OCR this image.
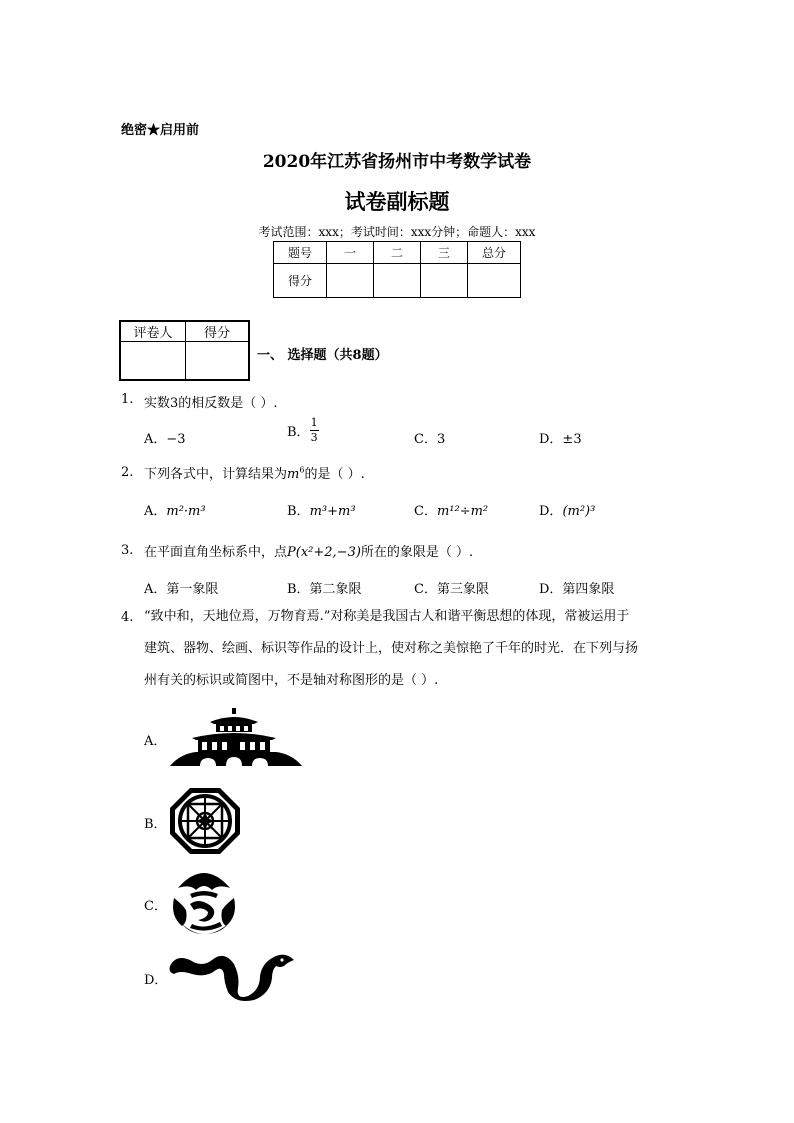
绝密★启用前
2020年江苏省扬州市中考数学试卷
试卷副标题
考试范围：xxx；考试时间：xxx分钟；命题人：xxx
题号	一	二	三	总分
得分				
评卷人	得分

一、 选择题（共8题）
1. 实数3的相反数是（ ）.
A．−3	B． $\frac{1}{3}$	C．3	D．±3
2. 下列各式中，计算结果为$m^6$的是（ ）.
A．m²·m³	B．m³+m³	C．m¹²÷m²	D．(m²)³
3. 在平面直角坐标系中，点P(x²+2,−3)所在的象限是（ ）.
A．第一象限	B．第二象限	C．第三象限	D．第四象限
4. “致中和，天地位焉，万物育焉.”对称美是我国古人和谐平衡思想的体现，常被运用于
建筑、器物、绘画、标识等作品的设计上，使对称之美惊艳了千年的时光．在下列与扬
州有关的标识或简图中，不是轴对称图形的是（ ）.
A．
B．
C．
D．
